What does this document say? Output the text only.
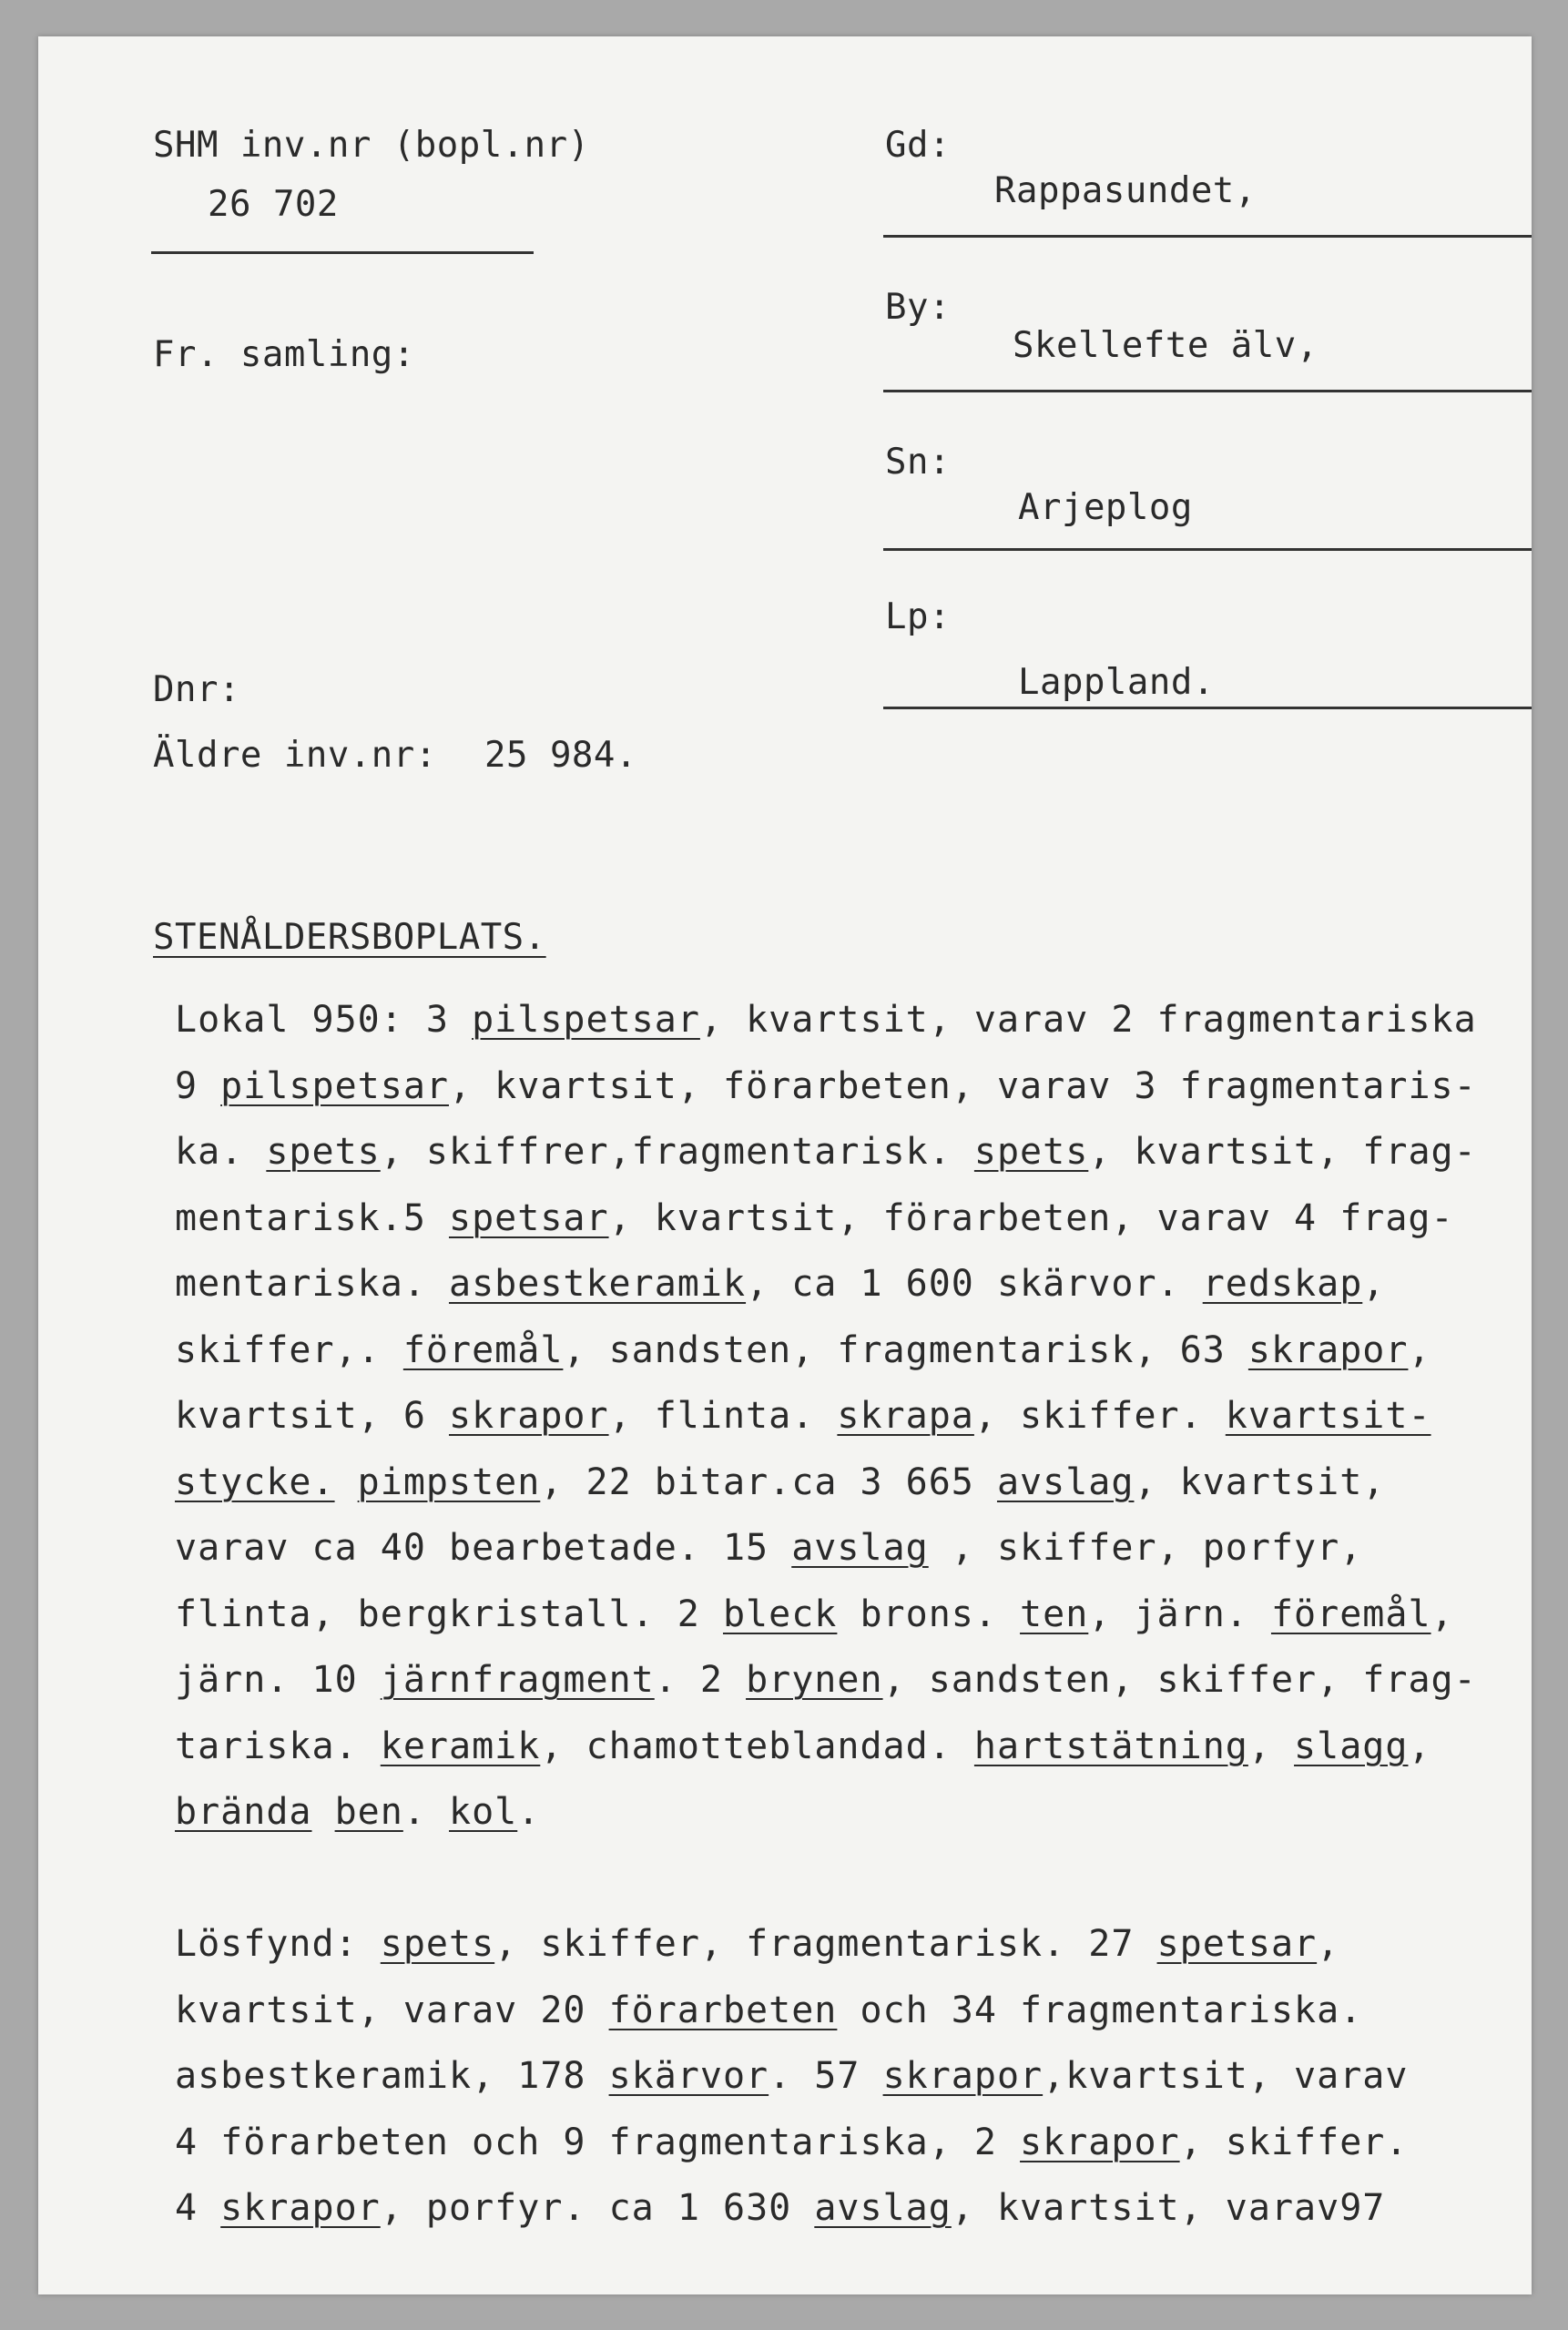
SHM inv.nr (bopl.nr)
26 702
Fr. samling:
Dnr:
Äldre inv.nr: 25 984.
Gd:
Rappasundet,
By:
Skellefte älv,
Sn:
Arjeplog
Lp:
Lappland.
STENÅLDERSBOPLATS.
Lokal 950: 3 pilspetsar, kvartsit, varav 2 fragmentariska
9 pilspetsar, kvartsit, förarbeten, varav 3 fragmentaris-
ka. spets, skiffrer,fragmentarisk. spets, kvartsit, frag-
mentarisk.5 spetsar, kvartsit, förarbeten, varav 4 frag-
mentariska. asbestkeramik, ca 1 600 skärvor. redskap,
skiffer,. föremål, sandsten, fragmentarisk, 63 skrapor,
kvartsit, 6 skrapor, flinta. skrapa, skiffer. kvartsit-
stycke. pimpsten, 22 bitar.ca 3 665 avslag, kvartsit,
varav ca 40 bearbetade. 15 avslag , skiffer, porfyr,
flinta, bergkristall. 2 bleck brons. ten, järn. föremål,
järn. 10 järnfragment. 2 brynen, sandsten, skiffer, frag-
tariska. keramik, chamotteblandad. hartstätning, slagg,
brända ben. kol.
Lösfynd: spets, skiffer, fragmentarisk. 27 spetsar,
kvartsit, varav 20 förarbeten och 34 fragmentariska.
asbestkeramik, 178 skärvor. 57 skrapor,kvartsit, varav
4 förarbeten och 9 fragmentariska, 2 skrapor, skiffer.
4 skrapor, porfyr. ca 1 630 avslag, kvartsit, varav97
